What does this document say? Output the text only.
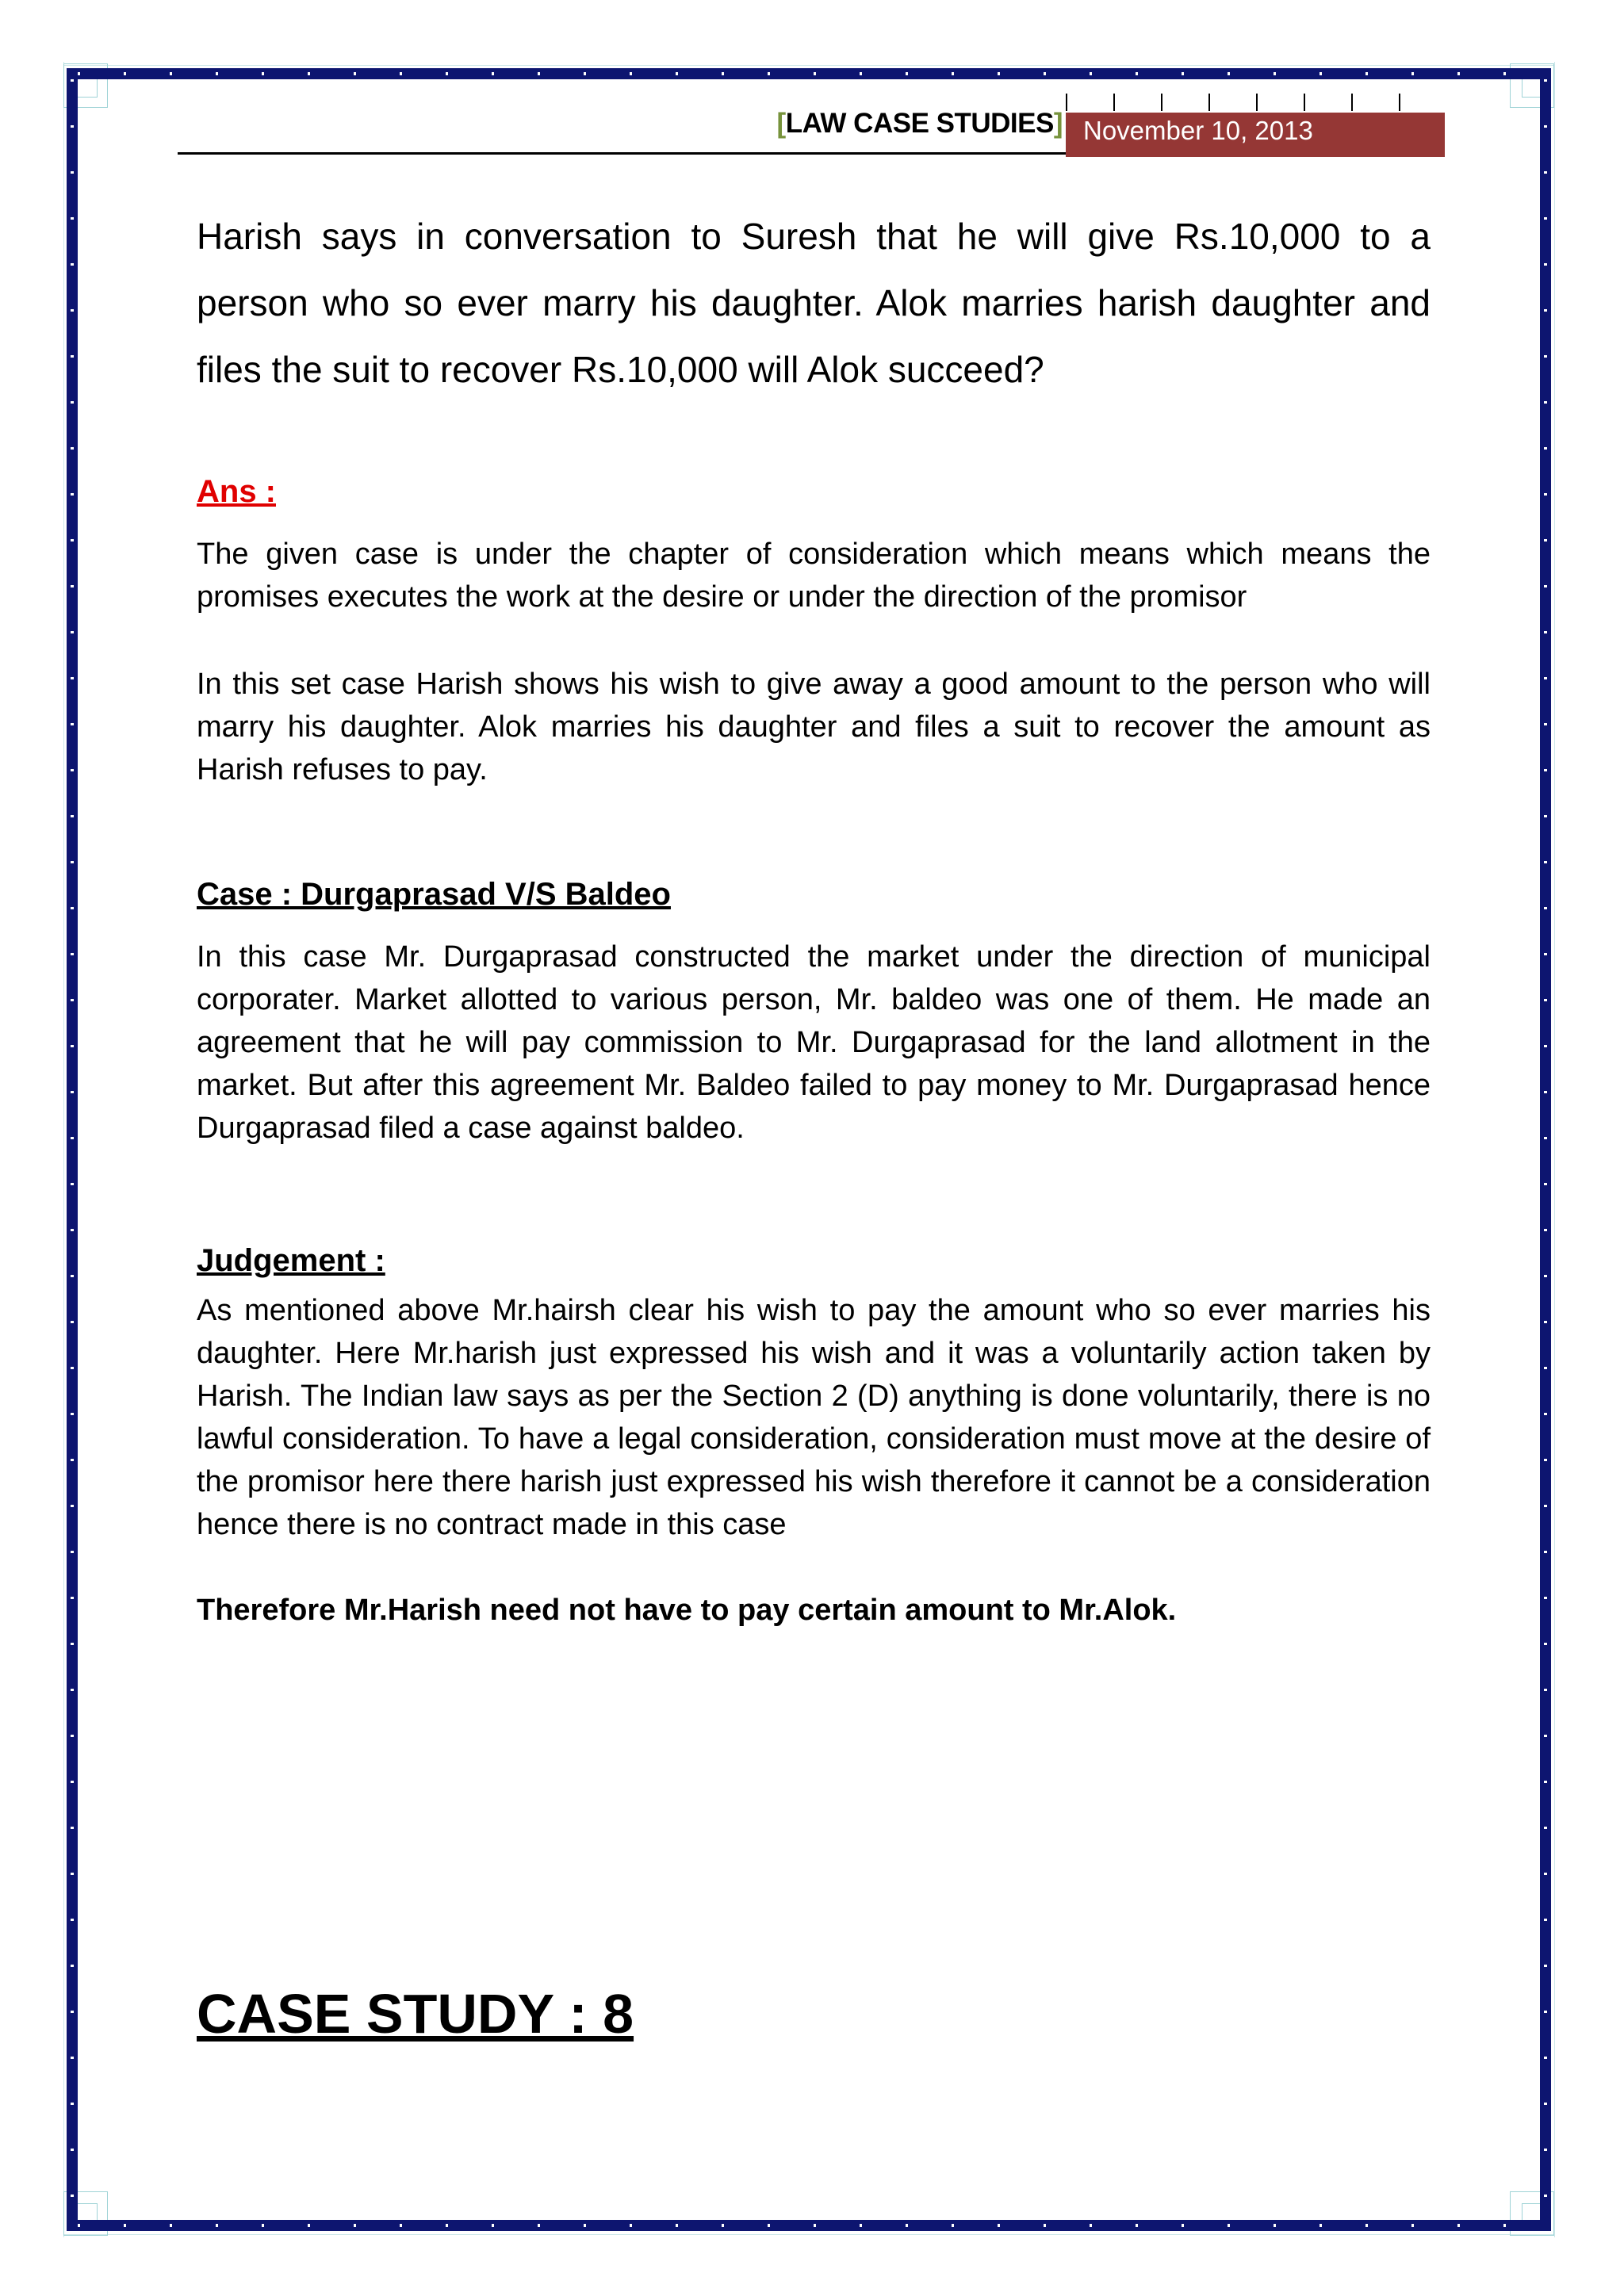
[LAW CASE STUDIES] November 10, 2013
Harish says in conversation to Suresh that he will give Rs.10,000 to a person who so ever marry his daughter. Alok marries harish daughter and files the suit to recover Rs.10,000 will Alok succeed?
Ans :
The given case is under the chapter of consideration which means which means the promises executes the work at the desire or under the direction of the promisor
In this set case Harish shows his wish to give away a good amount to the person who will marry his daughter. Alok marries his daughter and files a suit to recover the amount as Harish refuses to pay.
Case : Durgaprasad V/S Baldeo
In this case Mr. Durgaprasad constructed the market under the direction of municipal corporater. Market allotted to various person, Mr. baldeo was one of them. He made an agreement that he will pay commission to Mr. Durgaprasad for the land allotment in the market. But after this agreement Mr. Baldeo failed to pay money to Mr. Durgaprasad hence Durgaprasad filed a case against baldeo.
Judgement :
As mentioned above Mr.hairsh clear his wish to pay the amount who so ever marries his daughter. Here Mr.harish just expressed his wish and it was a voluntarily action taken by Harish. The Indian law says as per the Section 2 (D) anything is done voluntarily, there is no lawful consideration. To have a legal consideration, consideration must move at the desire of the promisor here there harish just expressed his wish therefore it cannot be a consideration hence there is no contract made in this case
Therefore Mr.Harish need not have to pay certain amount to Mr.Alok.
CASE STUDY : 8
